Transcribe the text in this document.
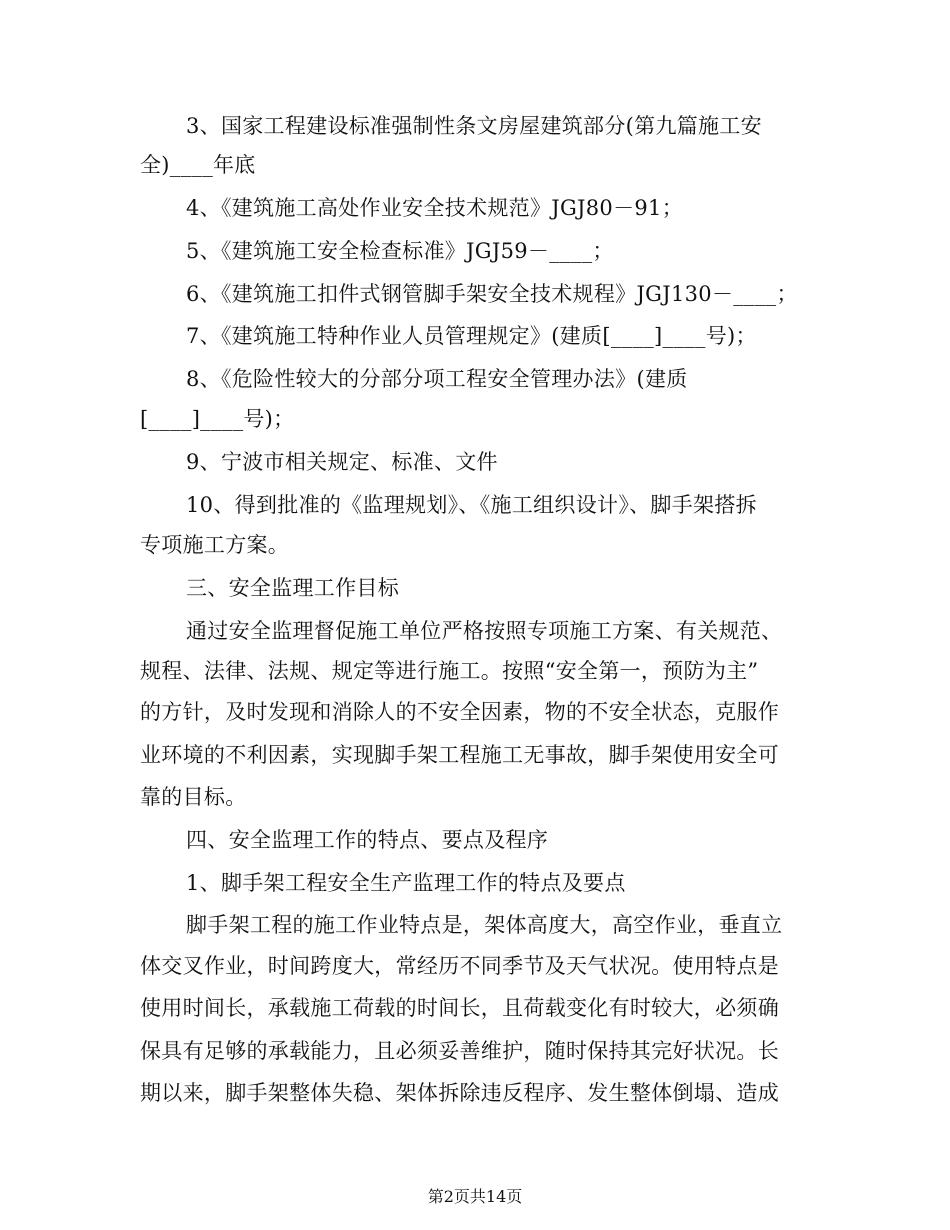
3、国家工程建设标准强制性条文房屋建筑部分(第九篇施工安
全)____年底
4、《建筑施工高处作业安全技术规范》JGJ80－91；
5、《建筑施工安全检查标准》JGJ59－____；
6、《建筑施工扣件式钢管脚手架安全技术规程》JGJ130－____；
7、《建筑施工特种作业人员管理规定》(建质[____]____号)；
8、《危险性较大的分部分项工程安全管理办法》(建质
[____]____号)；
9、宁波市相关规定、标准、文件
10、得到批准的《监理规划》、《施工组织设计》、脚手架搭拆
专项施工方案。
三、安全监理工作目标
通过安全监理督促施工单位严格按照专项施工方案、有关规范、
规程、法律、法规、规定等进行施工。按照“安全第一，预防为主”
的方针，及时发现和消除人的不安全因素，物的不安全状态，克服作
业环境的不利因素，实现脚手架工程施工无事故，脚手架使用安全可
靠的目标。
四、安全监理工作的特点、要点及程序
1、脚手架工程安全生产监理工作的特点及要点
脚手架工程的施工作业特点是，架体高度大，高空作业，垂直立
体交叉作业，时间跨度大，常经历不同季节及天气状况。使用特点是
使用时间长，承载施工荷载的时间长，且荷载变化有时较大，必须确
保具有足够的承载能力，且必须妥善维护，随时保持其完好状况。长
期以来，脚手架整体失稳、架体拆除违反程序、发生整体倒塌、造成
第2页共14页
